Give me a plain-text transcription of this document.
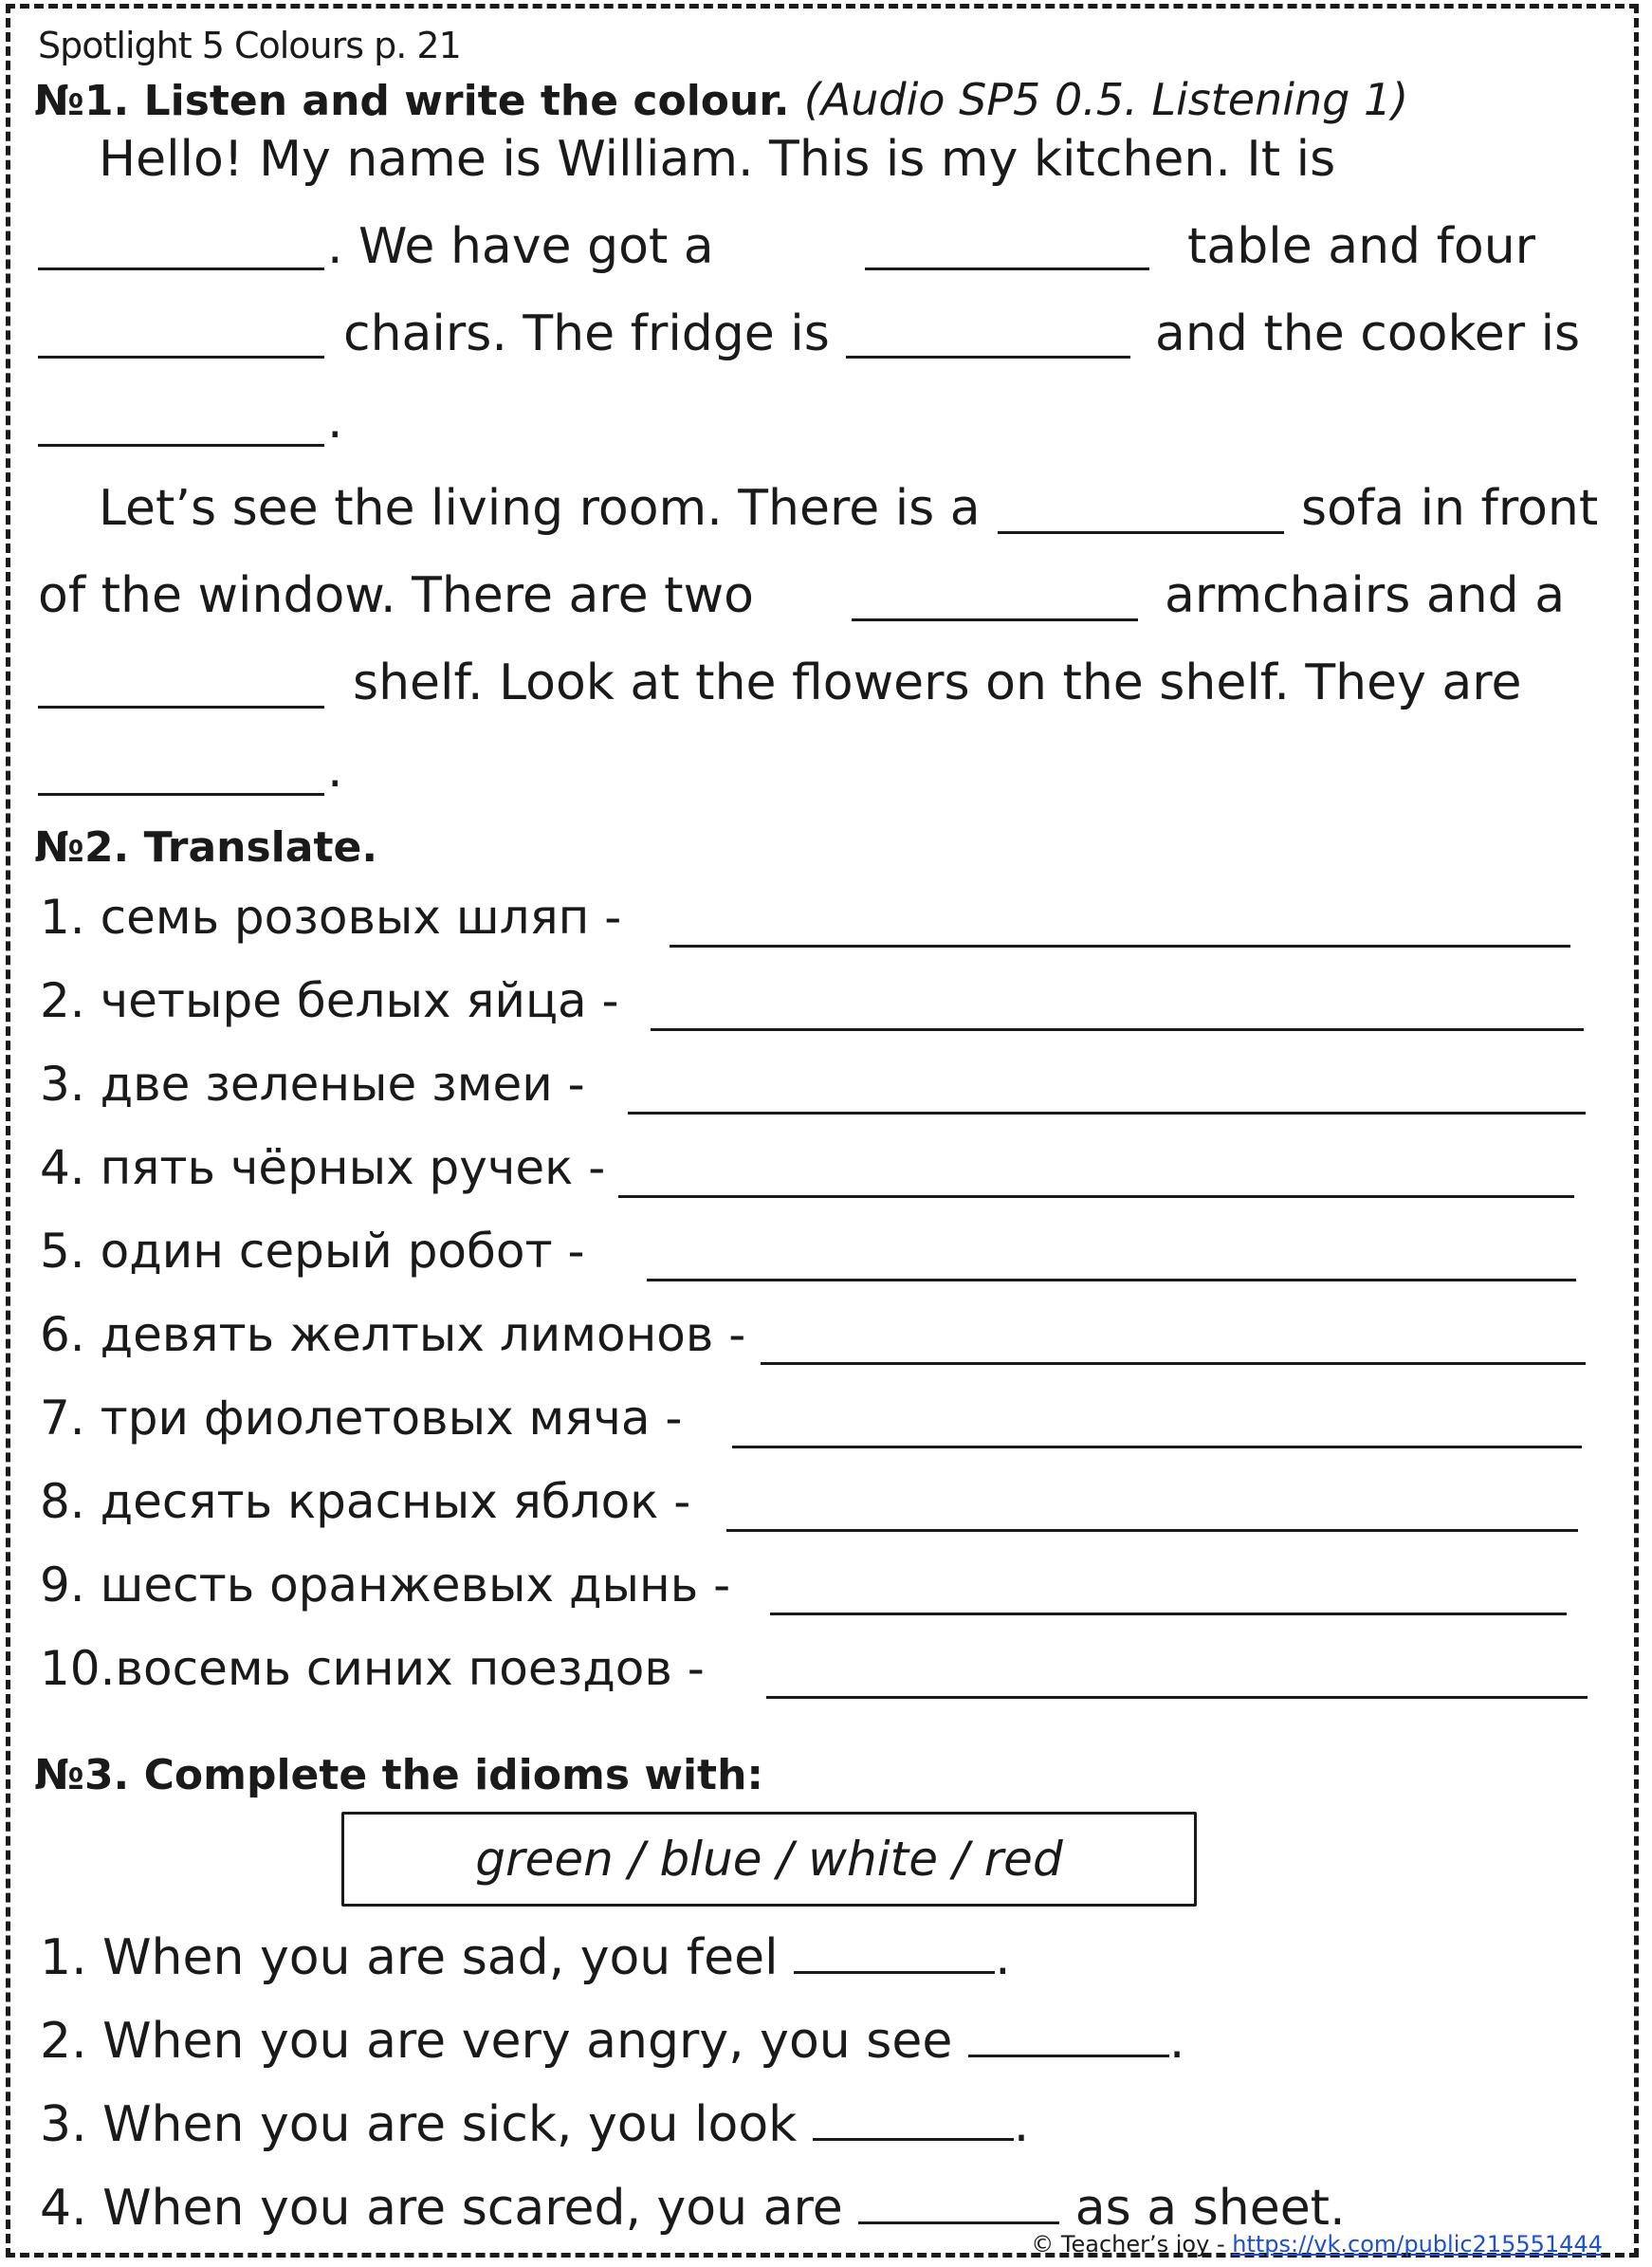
Spotlight 5 Colours p. 21
№1. Listen and write the colour. (Audio SP5 0.5. Listening 1)
Hello! My name is William. This is my kitchen. It is
. We have got a	table and four
chairs. The fridge is	and the cooker is
.
Let’s see the living room. There is a	sofa in front
of the window. There are two	armchairs and a
shelf. Look at the flowers on the shelf. They are
.
№2. Translate.
1. семь розовых шляп -
2. четыре белых яйца -
3. две зеленые змеи -
4. пять чёрных ручек -
5. один серый робот -
6. девять желтых лимонов -
7. три фиолетовых мяча -
8. десять красных яблок -
9. шесть оранжевых дынь -
10.восемь синих поездов -
№3. Complete the idioms with:
green / blue / white / red
1. When you are sad, you feel	.
2. When you are very angry, you see	.
3. When you are sick, you look	.
4. When you are scared, you are	as a sheet.
© Teacher’s joy - https://vk.com/public215551444
